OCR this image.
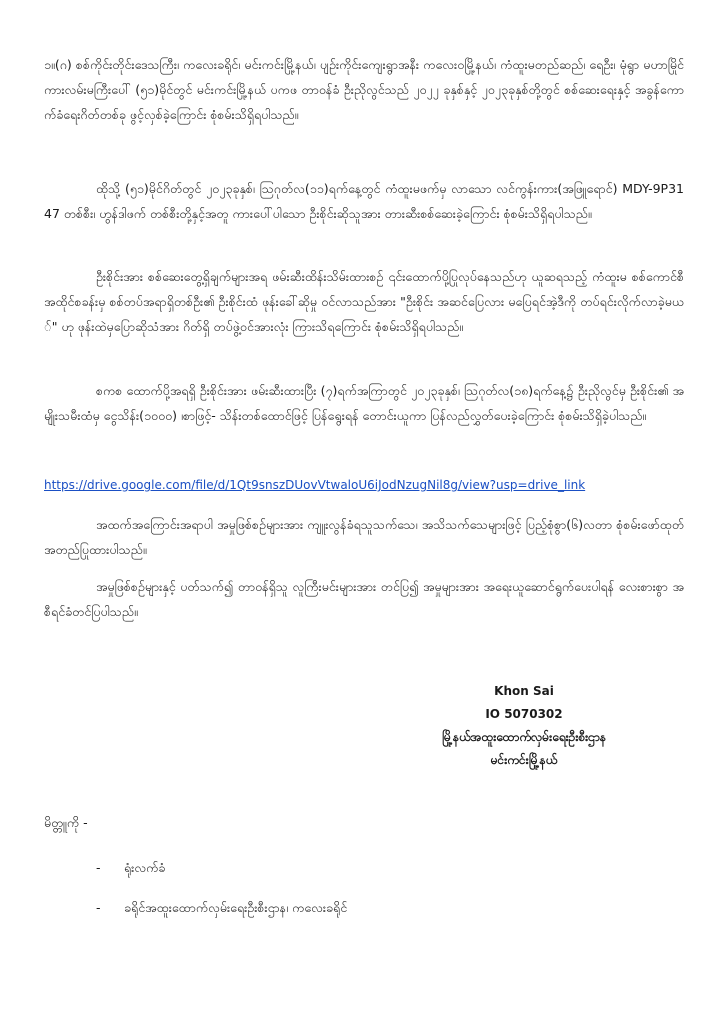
၁။(ဂ) စစ်ကိုင်းတိုင်းဒေသကြီး၊ ကလေးခရိုင်၊ မင်းကင်းမြို့နယ်၊ ပျဉ်းကိုင်းကျေးရွာအနီး ကလေးဝမြို့နယ်၊ ကံထူးမ‌တည်ဆည်၊ ရေဦး၊ မုံရွာ မဟာမြိုင်ကားလမ်းမကြီးပေါ် (၅၁)မိုင်တွင် မင်းကင်းမြို့နယ် ပကဖ တာဝန်ခံ ဦးညိုလွင်သည် ၂၀၂၂ ခုနှစ်နှင့် ၂၀၂၃ခုနှစ်တို့တွင် စစ်ဆေးရေးနှင့် အခွန်ကောက်ခံရေးဂိတ်တစ်ခု ဖွင့်လှစ်ခဲ့ကြောင်း စုံစမ်းသိရှိရပါသည်။

ထိုသို့ (၅၁)မိုင်ဂိတ်တွင် ၂၀၂၃ခုနှစ်၊ ဩဂုတ်လ(၁၁)ရက်နေ့တွင် ကံထူးမဖက်မှ လာသော လင်ကွန်းကား(အဖြူရောင်) MDY-9P3147 တစ်စီး၊ ဟွန်ဒါဖက် တစ်စီးတို့နှင့်အတူ ကားပေါ်ပါသော ဦးစိုင်းဆိုသူအား တားဆီးစစ်ဆေးခဲ့ကြောင်း စုံစမ်းသိရှိရပါသည်။

ဦးစိုင်းအား စစ်ဆေးတွေ့ရှိချက်များအရ ဖမ်းဆီးထိန်းသိမ်းထားစဉ် ၎င်းထောက်ပို့ပြုလုပ်နေသည်ဟု ယူဆရသည့် ကံထူးမ စစ်ကောင်စီ အထိုင်စခန်းမှ စစ်တပ်အရာရှိတစ်ဦး၏ ဦးစိုင်းထံ ဖုန်းခေါ်ဆိုမှု ဝင်လာသည်အား "ဦးစိုင်း အဆင်ပြေလား မပြေရင်အဲ့ဒီကို တပ်ရင်းလိုက်လာခဲ့မယ်" ဟု ဖုန်းထဲမှပြောဆိုသံအား ဂိတ်ရှိ တပ်ဖွဲ့ဝင်အားလုံး ကြားသိရကြောင်း စုံစမ်းသိရှိရပါသည်။

စကစ ထောက်ပို့အရရှိ ဦးစိုင်းအား ဖမ်းဆီးထားပြီး (၇)ရက်အကြာတွင် ၂၀၂၃ခုနှစ်၊ ဩဂုတ်လ(၁၈)ရက်နေ့၌ ဦးညိုလွင်မှ ဦးစိုင်း၏ အမျိုးသမီးထံမှ ငွေသိန်း(၁၀၀၀) ၊စာဖြင့်- သိန်းတစ်ထောင်ဖြင့် ပြန်ရွေးရန် တောင်းယူကာ ပြန်လည်လွှတ်ပေးခဲ့ကြောင်း စုံစမ်းသိရှိခဲ့ပါသည်။

https://drive.google.com/file/d/1Qt9snszDUovVtwaloU6iJodNzugNil8g/view?usp=drive_link

အထက်အကြောင်းအရာပါ အမှုဖြစ်စဉ်များအား ကျူးလွန်ခံရသူသက်သေ၊ အသိသက်သေများဖြင့် ပြည့်စုံစွာ(၆)လတာ စုံစမ်းဖော်ထုတ် အတည်ပြုထားပါသည်။

အမှုဖြစ်စဉ်များနှင့် ပတ်သက်၍ တာဝန်ရှိသူ လူကြီးမင်းများအား တင်ပြ၍ အမှုများအား အရေးယူဆောင်ရွက်ပေးပါရန် လေးစားစွာ အစီရင်ခံတင်ပြပါသည်။

Khon Sai
IO 5070302
မြို့နယ်အထူးထောက်လှမ်းရေးဦးစီးဌာန
မင်းကင်းမြို့နယ်
မိတ္တူကို -
-	ရုံးလက်ခံ
-	ခရိုင်အထူးထောက်လှမ်းရေးဦးစီးဌာန၊ ကလေးခရိုင်
